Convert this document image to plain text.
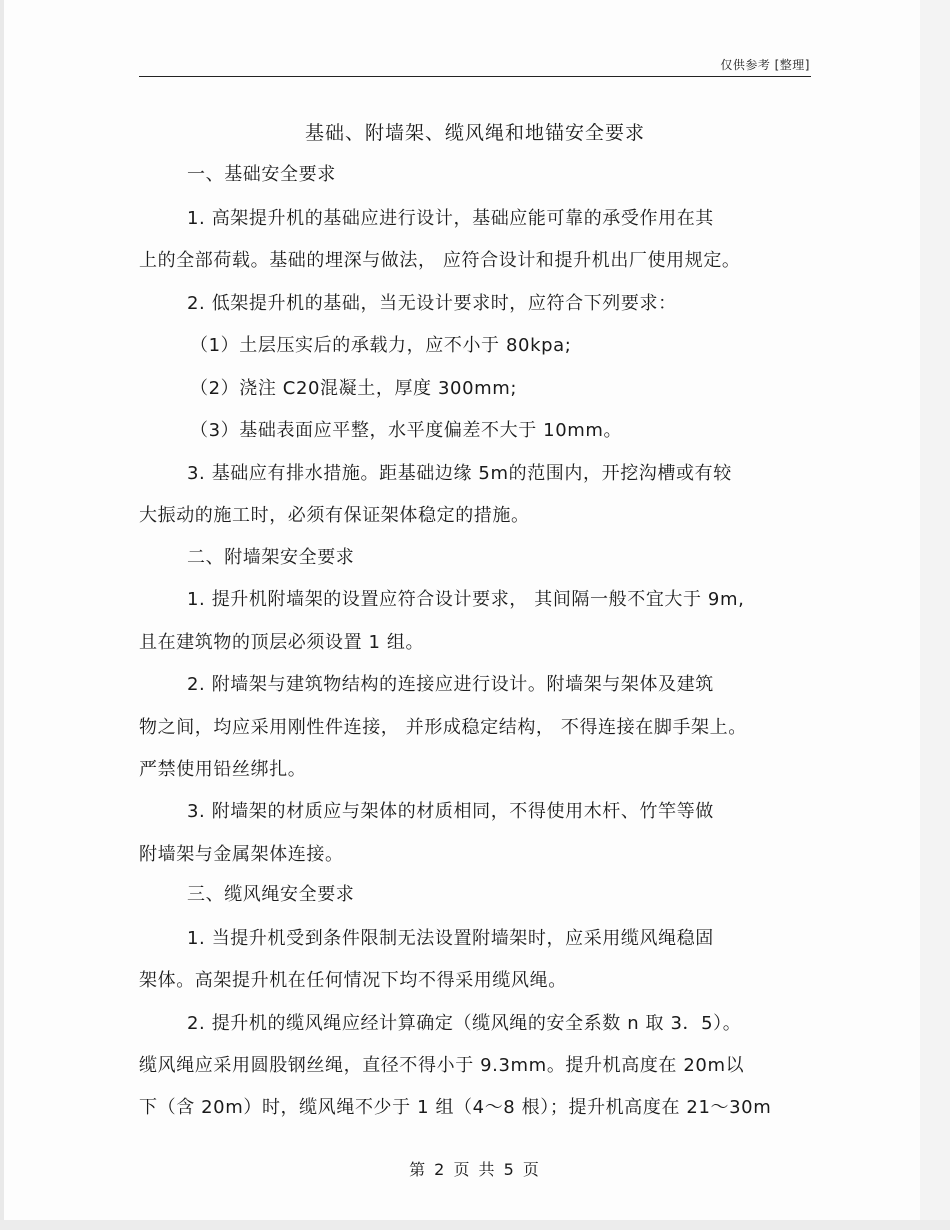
仅供参考 [整理]
基础、附墙架、缆风绳和地锚安全要求
一、基础安全要求
1. 高架提升机的基础应进行设计，基础应能可靠的承受作用在其
上的全部荷载。基础的埋深与做法， 应符合设计和提升机出厂使用规定。
2. 低架提升机的基础，当无设计要求时，应符合下列要求：
（1）土层压实后的承载力，应不小于 80kpa;
（2）浇注 C20混凝土，厚度 300mm;
（3）基础表面应平整，水平度偏差不大于 10mm。
3. 基础应有排水措施。距基础边缘 5m的范围内，开挖沟槽或有较
大振动的施工时，必须有保证架体稳定的措施。
二、附墙架安全要求
1. 提升机附墙架的设置应符合设计要求， 其间隔一般不宜大于 9m,
且在建筑物的顶层必须设置 1 组。
2. 附墙架与建筑物结构的连接应进行设计。附墙架与架体及建筑
物之间，均应采用刚性件连接， 并形成稳定结构， 不得连接在脚手架上。
严禁使用铅丝绑扎。
3. 附墙架的材质应与架体的材质相同，不得使用木杆、竹竿等做
附墙架与金属架体连接。
三、缆风绳安全要求
1. 当提升机受到条件限制无法设置附墙架时，应采用缆风绳稳固
架体。高架提升机在任何情况下均不得采用缆风绳。
2. 提升机的缆风绳应经计算确定（缆风绳的安全系数 n 取 3．5）。
缆风绳应采用圆股钢丝绳，直径不得小于 9.3mm。提升机高度在 20m以
下（含 20m）时，缆风绳不少于 1 组（4～8 根）；提升机高度在 21～30m
第 2 页 共 5 页
